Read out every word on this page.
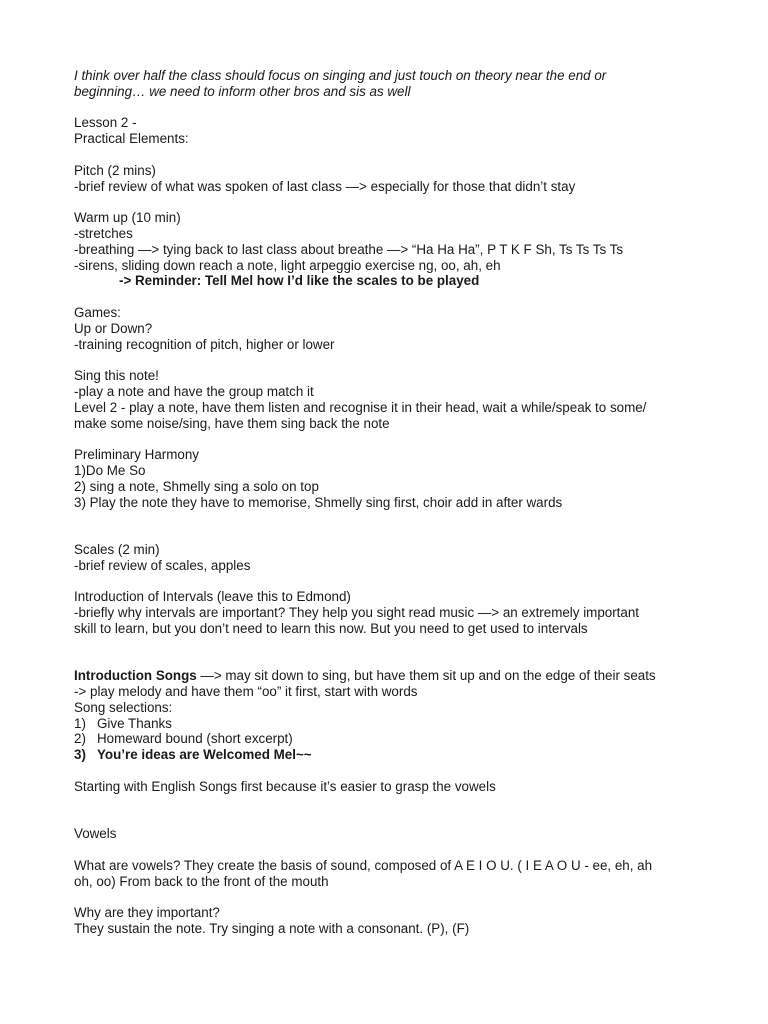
I think over half the class should focus on singing and just touch on theory near the end or

beginning… we need to inform other bros and sis as well

Lesson 2 -

Practical Elements:

Pitch (2 mins)

-brief review of what was spoken of last class —> especially for those that didn’t stay

Warm up (10 min)

-stretches

-breathing —> tying back to last class about breathe —> “Ha Ha Ha”, P T K F Sh, Ts Ts Ts Ts

-sirens, sliding down reach a note, light arpeggio exercise ng, oo, ah, eh

-> Reminder: Tell Mel how I’d like the scales to be played

Games:

Up or Down?

-training recognition of pitch, higher or lower

Sing this note!

-play a note and have the group match it

Level 2 - play a note, have them listen and recognise it in their head, wait a while/speak to some/

make some noise/sing, have them sing back the note

Preliminary Harmony

1)Do Me So

2) sing a note, Shmelly sing a solo on top

3) Play the note they have to memorise, Shmelly sing first, choir add in after wards

Scales (2 min)

-brief review of scales, apples

Introduction of Intervals (leave this to Edmond)

-briefly why intervals are important? They help you sight read music —> an extremely important

skill to learn, but you don’t need to learn this now. But you need to get used to intervals

Introduction Songs —> may sit down to sing, but have them sit up and on the edge of their seats

-> play melody and have them “oo” it first, start with words

Song selections:

1) Give Thanks

2) Homeward bound (short excerpt)

3) You’re ideas are Welcomed Mel~~

Starting with English Songs first because it’s easier to grasp the vowels

Vowels

What are vowels? They create the basis of sound, composed of A E I O U. ( I E A O U - ee, eh, ah

oh, oo) From back to the front of the mouth

Why are they important?

They sustain the note. Try singing a note with a consonant. (P), (F)
